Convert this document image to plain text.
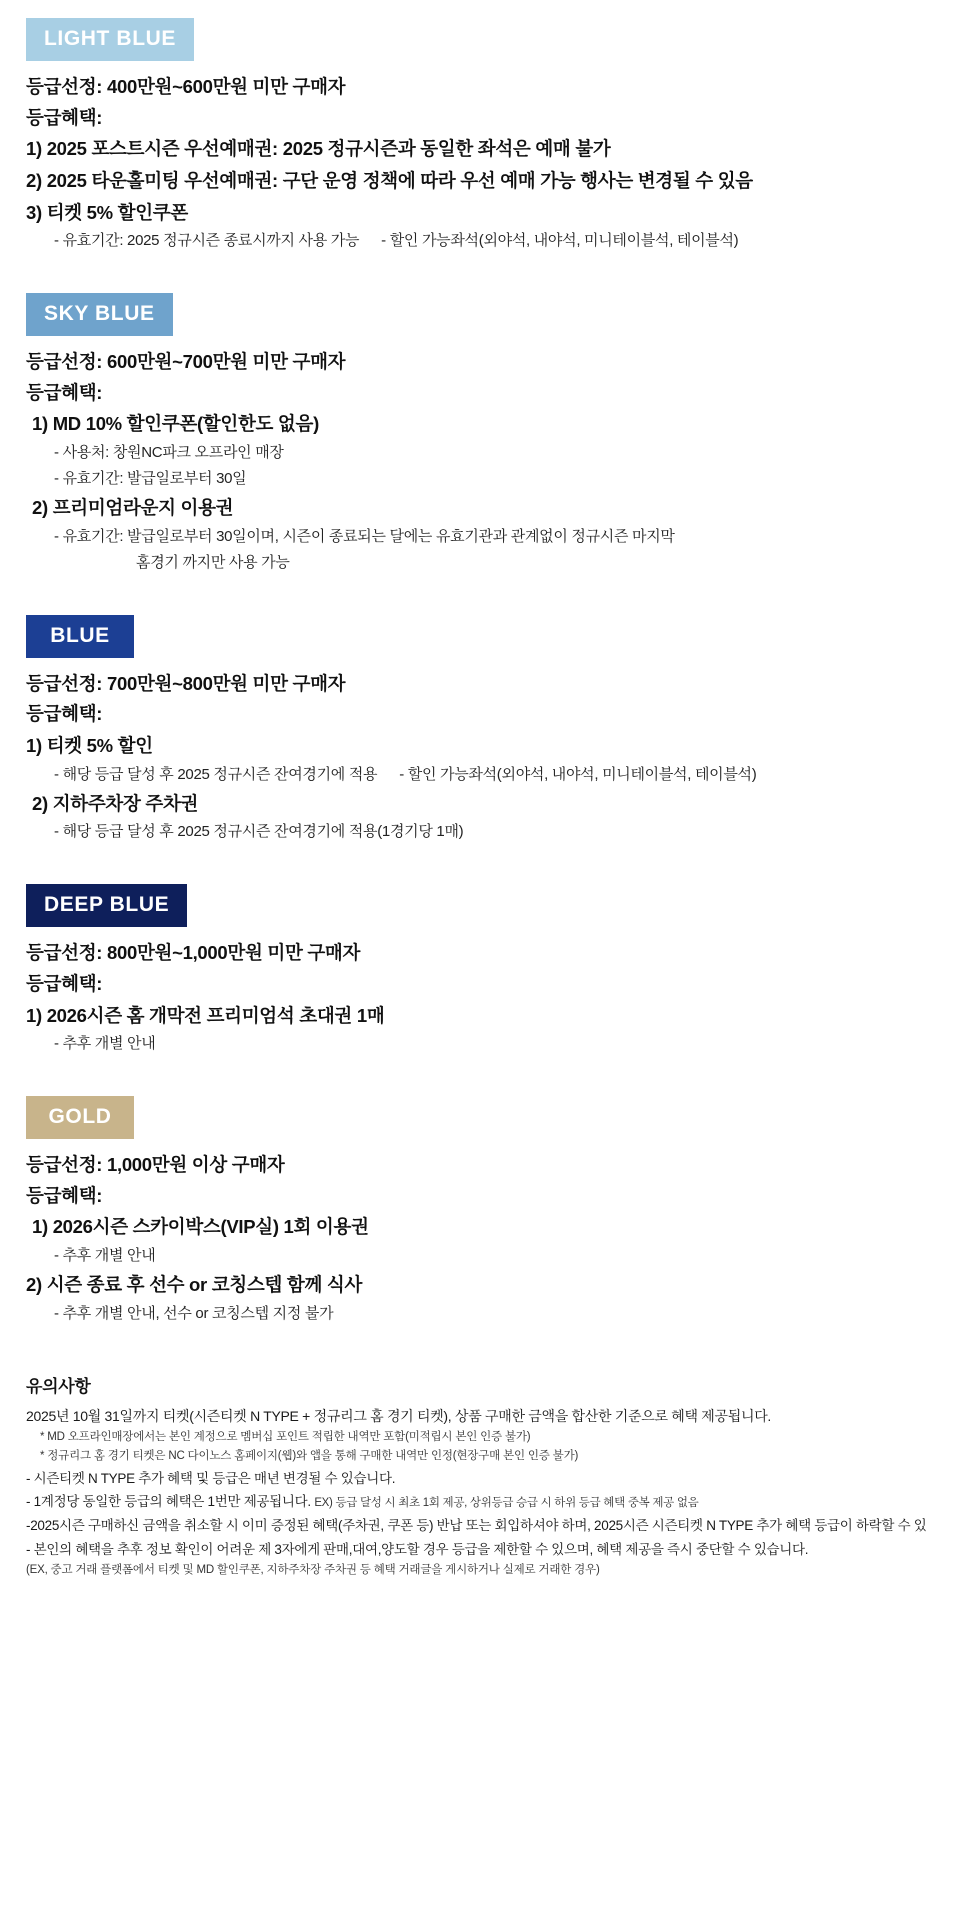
LIGHT BLUE

등급선정: 400만원~600만원 미만 구매자

등급혜택:

1) 2025 포스트시즌 우선예매권: 2025 정규시즌과 동일한 좌석은 예매 불가

2) 2025 타운홀미팅 우선예매권: 구단 운영 정책에 따라 우선 예매 가능 행사는 변경될 수 있음

3) 티켓 5% 할인쿠폰

- 유효기간: 2025 정규시즌 종료시까지 사용 가능 - 할인 가능좌석(외야석, 내야석, 미니테이블석, 테이블석)

SKY BLUE

등급선정: 600만원~700만원 미만 구매자

등급혜택:

1) MD 10% 할인쿠폰(할인한도 없음)

- 사용처: 창원NC파크 오프라인 매장

- 유효기간: 발급일로부터 30일

2) 프리미엄라운지 이용권

- 유효기간: 발급일로부터 30일이며, 시즌이 종료되는 달에는 유효기관과 관계없이 정규시즌 마지막

홈경기 까지만 사용 가능

BLUE

등급선정: 700만원~800만원 미만 구매자

등급혜택:

1) 티켓 5% 할인

- 해당 등급 달성 후 2025 정규시즌 잔여경기에 적용 - 할인 가능좌석(외야석, 내야석, 미니테이블석, 테이블석)

2) 지하주차장 주차권

- 해당 등급 달성 후 2025 정규시즌 잔여경기에 적용(1경기당 1매)

DEEP BLUE

등급선정: 800만원~1,000만원 미만 구매자

등급혜택:

1) 2026시즌 홈 개막전 프리미엄석 초대권 1매

- 추후 개별 안내

GOLD

등급선정: 1,000만원 이상 구매자

등급혜택:

1) 2026시즌 스카이박스(VIP실) 1회 이용권

- 추후 개별 안내

2) 시즌 종료 후 선수 or 코칭스텝 함께 식사

- 추후 개별 안내, 선수 or 코칭스텝 지정 불가

유의사항
2025년 10월 31일까지 티켓(시즌티켓 N TYPE + 정규리그 홈 경기 티켓), 상품 구매한 금액을 합산한 기준으로 혜택 제공됩니다.
* MD 오프라인매장에서는 본인 계정으로 멤버십 포인트 적립한 내역만 포함(미적립시 본인 인증 불가)
* 정규리그 홈 경기 티켓은 NC 다이노스 홈페이지(웹)와 앱을 통해 구매한 내역만 인정(현장구매 본인 인증 불가)
- 시즌티켓 N TYPE 추가 혜택 및 등급은 매년 변경될 수 있습니다.
- 1계정당 동일한 등급의 혜택은 1번만 제공됩니다. EX) 등급 달성 시 최초 1회 제공, 상위등급 승급 시 하위 등급 혜택 중복 제공 없음
-2025시즌 구매하신 금액을 취소할 시 이미 증정된 혜택(주차권, 쿠폰 등) 반납 또는 회입하셔야 하며, 2025시즌 시즌티켓 N TYPE 추가 혜택 등급이 하락할 수 있
- 본인의 혜택을 추후 정보 확인이 어려운 제 3자에게 판매,대여,양도할 경우 등급을 제한할 수 있으며, 혜택 제공을 즉시 중단할 수 있습니다.
(EX, 중고 거래 플랫폼에서 티켓 및 MD 할인쿠폰, 지하주차장 주차권 등 혜택 거래글을 게시하거나 실제로 거래한 경우)
